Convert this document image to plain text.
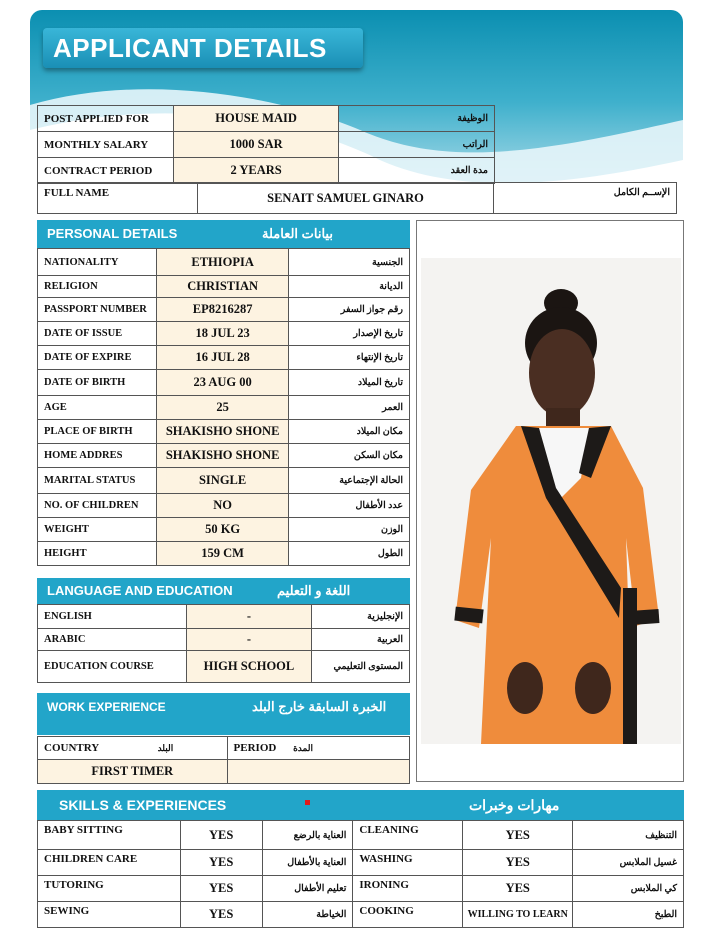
APPLICANT DETAILS
POST APPLIED FOR	HOUSE MAID	الوظيفة
MONTHLY SALARY	1000 SAR	الراتب
CONTRACT PERIOD	2 YEARS	مدة العقد
FULL NAME	SENAIT SAMUEL GINARO	الإســم الكامل
PERSONAL DETAILS	بيانات العاملة
NATIONALITY	ETHIOPIA	الجنسية
RELIGION	CHRISTIAN	الديانة
PASSPORT NUMBER	EP8216287	رقم جواز السفر
DATE OF ISSUE	18 JUL 23	تاريخ الإصدار
DATE OF EXPIRE	16 JUL 28	تاريخ الإنتهاء
DATE OF BIRTH	23 AUG 00	تاريخ الميلاد
AGE	25	العمر
PLACE OF BIRTH	SHAKISHO SHONE	مكان الميلاد
HOME ADDRES	SHAKISHO SHONE	مكان السكن
MARITAL STATUS	SINGLE	الحالة الإجتماعية
NO. OF CHILDREN	NO	عدد الأطفال
WEIGHT	50 KG	الوزن
HEIGHT	159 CM	الطول
LANGUAGE AND EDUCATION	اللغة و التعليم
ENGLISH	-	الإنجليزية
ARABIC	-	العربية
EDUCATION COURSE	HIGH SCHOOL	المستوى التعليمي
WORK EXPERIENCE	الخبرة السابقة خارج البلد
COUNTRY البلد	PERIOD المدة
FIRST TIMER	
SKILLS & EXPERIENCES	مهارات وخبرات
BABY SITTING	YES	العناية بالرضع	CLEANING	YES	التنظيف
CHILDREN CARE	YES	العناية بالأطفال	WASHING	YES	غسيل الملابس
TUTORING	YES	تعليم الأطفال	IRONING	YES	كي الملابس
SEWING	YES	الخياطة	COOKING	WILLING TO LEARN	الطبخ
